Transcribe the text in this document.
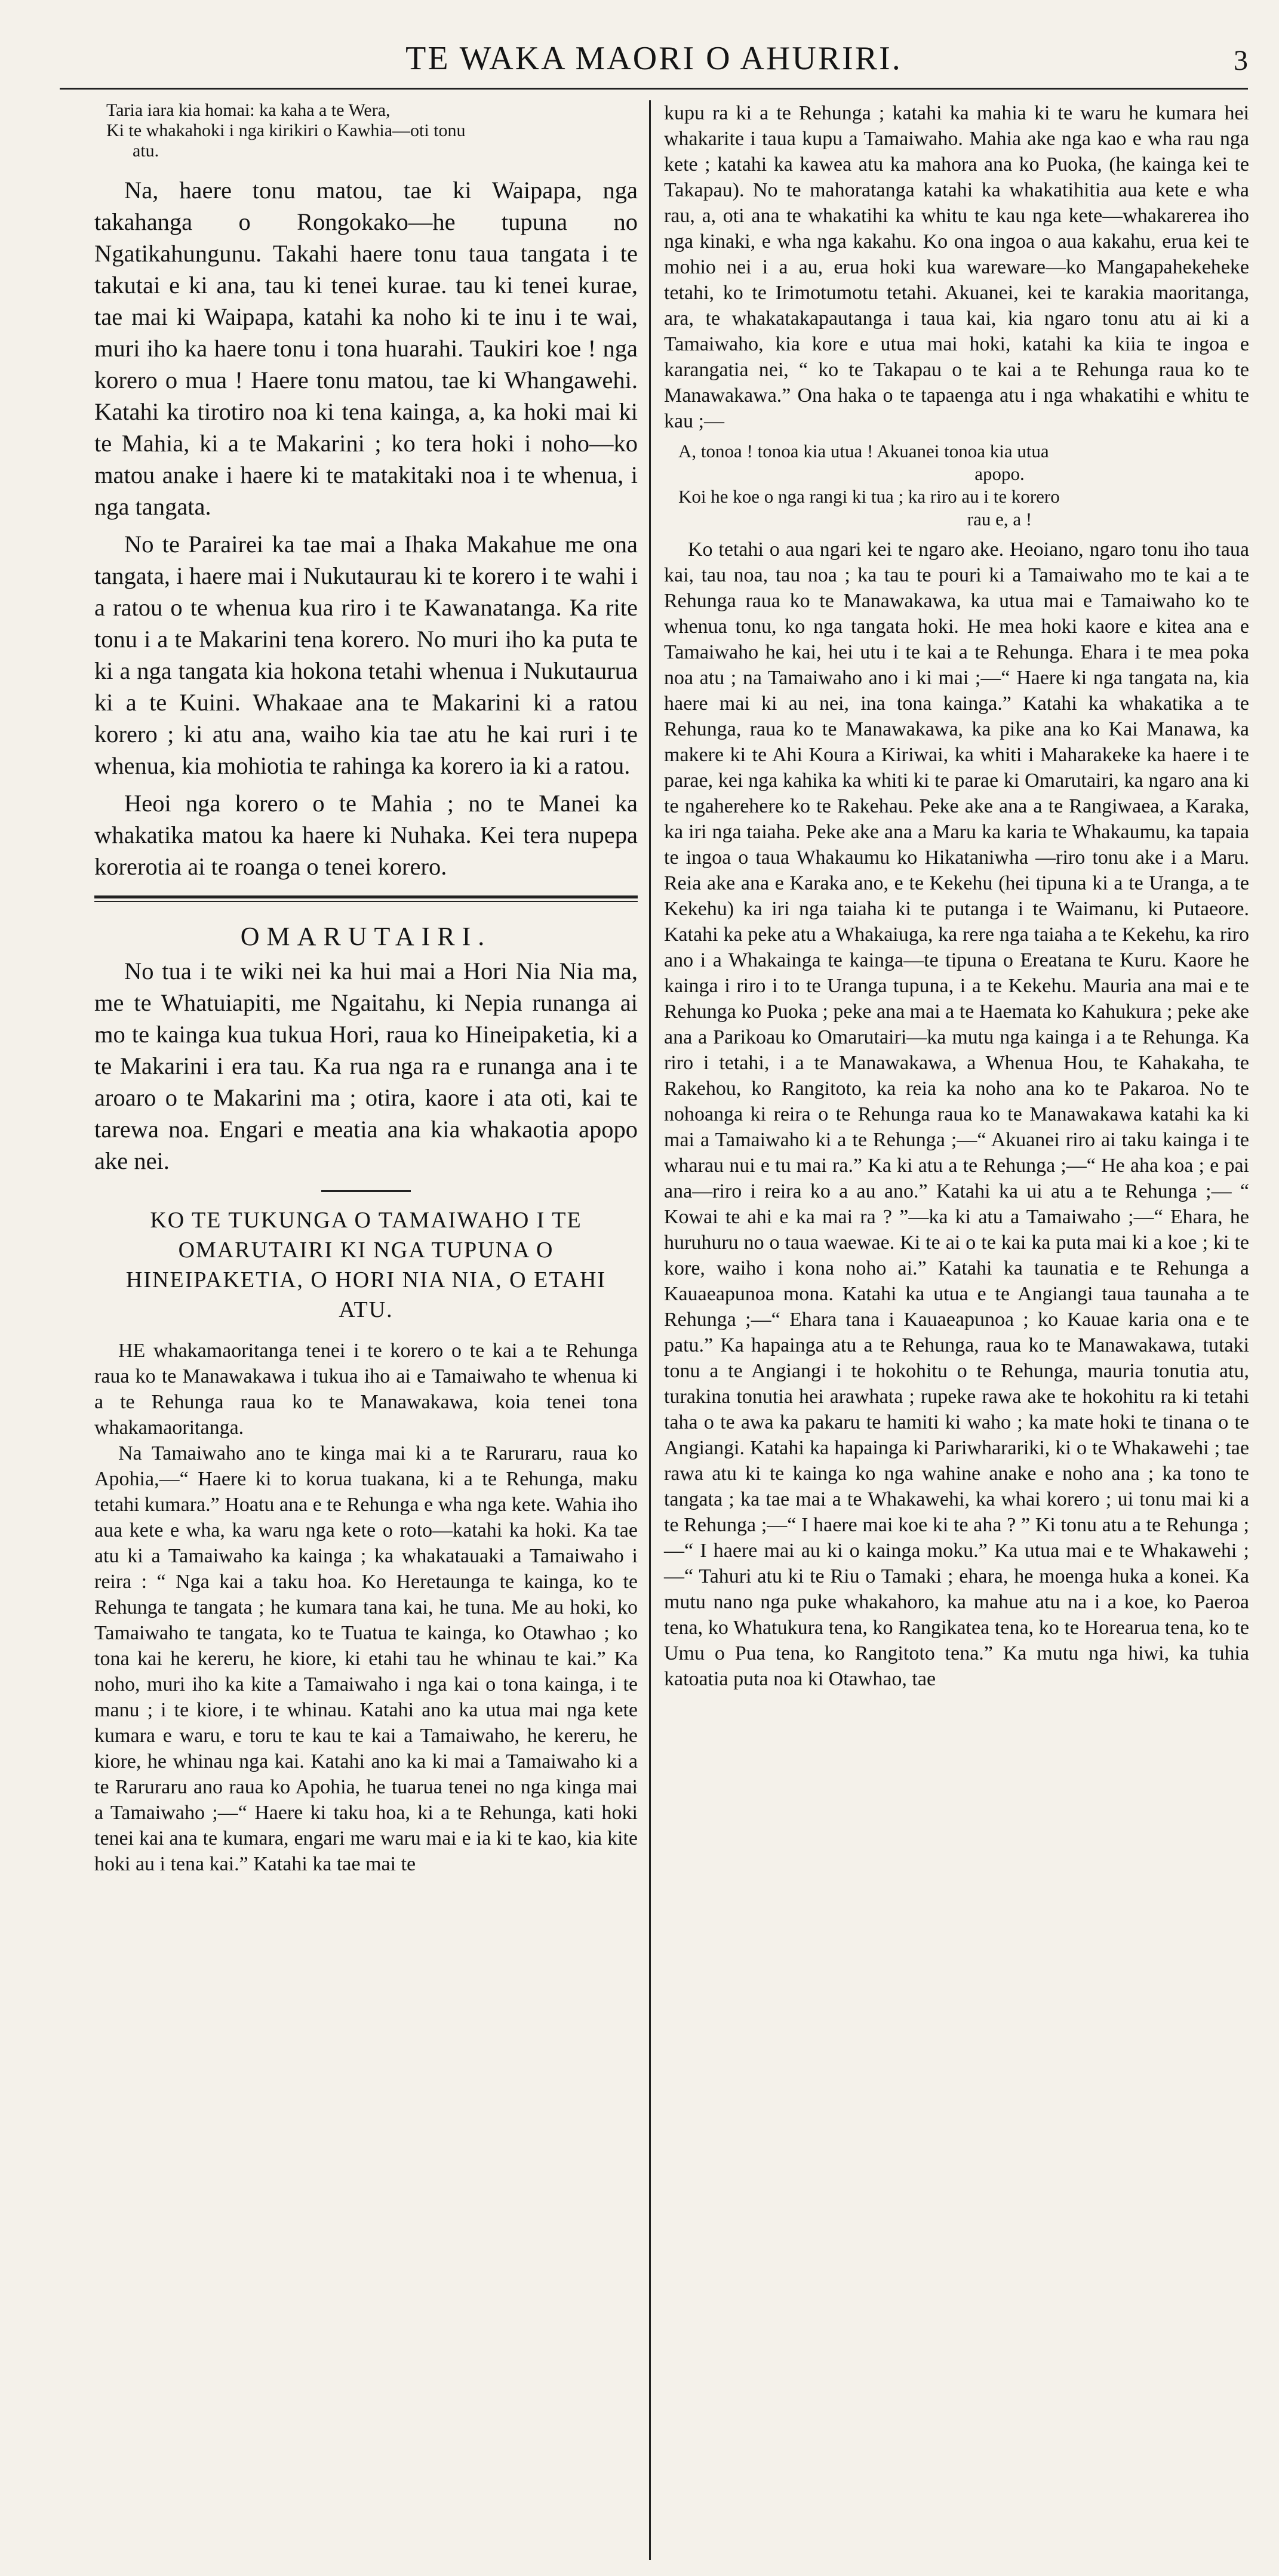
TE WAKA MAORI O AHURIRI.	3

Taria iara kia homai: ka kaha a te Wera,

Ki te whakahoki i nga kirikiri o Kawhia—oti tonu

atu.

Na, haere tonu matou, tae ki Waipapa, nga takahanga o Rongokako—he tupuna no Ngatikahungunu. Takahi haere tonu taua tangata i te takutai e ki ana, tau ki tenei kurae. tau ki tenei kurae, tae mai ki Waipapa, katahi ka noho ki te inu i te wai, muri iho ka haere tonu i tona huarahi. Taukiri koe ! nga korero o mua ! Haere tonu matou, tae ki Whangawehi. Katahi ka tirotiro noa ki tena kainga, a, ka hoki mai ki te Mahia, ki a te Makarini ; ko tera hoki i noho—ko matou anake i haere ki te matakitaki noa i te whenua, i nga tangata.

No te Parairei ka tae mai a Ihaka Makahue me ona tangata, i haere mai i Nukutaurau ki te korero i te wahi i a ratou o te whenua kua riro i te Kawanatanga. Ka rite tonu i a te Makarini tena korero. No muri iho ka puta te ki a nga tangata kia hokona tetahi whenua i Nukutaurua ki a te Kuini. Whakaae ana te Makarini ki a ratou korero ; ki atu ana, waiho kia tae atu he kai ruri i te whenua, kia mohiotia te rahinga ka korero ia ki a ratou.

Heoi nga korero o te Mahia ; no te Manei ka whakatika matou ka haere ki Nuhaka. Kei tera nupepa korerotia ai te roanga o tenei korero.

OMARUTAIRI.

No tua i te wiki nei ka hui mai a Hori Nia Nia ma, me te Whatuiapiti, me Ngaitahu, ki Nepia runanga ai mo te kainga kua tukua Hori, raua ko Hineipaketia, ki a te Makarini i era tau. Ka rua nga ra e runanga ana i te aroaro o te Makarini ma ; otira, kaore i ata oti, kai te tarewa noa. Engari e meatia ana kia whakaotia apopo ake nei.

KO TE TUKUNGA O TAMAIWAHO I TE OMARUTAIRI KI NGA TUPUNA O HINEIPAKETIA, O HORI NIA NIA, O ETAHI ATU.

HE whakamaoritanga tenei i te korero o te kai a te Rehunga raua ko te Manawakawa i tukua iho ai e Tamaiwaho te whenua ki a te Rehunga raua ko te Manawakawa, koia tenei tona whakamaoritanga.

Na Tamaiwaho ano te kinga mai ki a te Raruraru, raua ko Apohia,—“ Haere ki to korua tuakana, ki a te Rehunga, maku tetahi kumara.” Hoatu ana e te Rehunga e wha nga kete. Wahia iho aua kete e wha, ka waru nga kete o roto—katahi ka hoki. Ka tae atu ki a Tamaiwaho ka kainga ; ka whakatauaki a Tamaiwaho i reira : “ Nga kai a taku hoa. Ko Heretaunga te kainga, ko te Rehunga te tangata ; he kumara tana kai, he tuna. Me au hoki, ko Tamaiwaho te tangata, ko te Tuatua te kainga, ko Otawhao ; ko tona kai he kereru, he kiore, ki etahi tau he whinau te kai.” Ka noho, muri iho ka kite a Tamaiwaho i nga kai o tona kainga, i te manu ; i te kiore, i te whinau. Katahi ano ka utua mai nga kete kumara e waru, e toru te kau te kai a Tamaiwaho, he kereru, he kiore, he whinau nga kai. Katahi ano ka ki mai a Tamaiwaho ki a te Raruraru ano raua ko Apohia, he tuarua tenei no nga kinga mai a Tamaiwaho ;—“ Haere ki taku hoa, ki a te Rehunga, kati hoki tenei kai ana te kumara, engari me waru mai e ia ki te kao, kia kite hoki au i tena kai.” Katahi ka tae mai te

kupu ra ki a te Rehunga ; katahi ka mahia ki te waru he kumara hei whakarite i taua kupu a Tamaiwaho. Mahia ake nga kao e wha rau nga kete ; katahi ka kawea atu ka mahora ana ko Puoka, (he kainga kei te Takapau). No te mahoratanga katahi ka whakatihitia aua kete e wha rau, a, oti ana te whakatihi ka whitu te kau nga kete—whakarerea iho nga kinaki, e wha nga kakahu. Ko ona ingoa o aua kakahu, erua kei te mohio nei i a au, erua hoki kua wareware—ko Mangapahekeheke tetahi, ko te Irimotumotu tetahi. Akuanei, kei te karakia maoritanga, ara, te whakatakapautanga i taua kai, kia ngaro tonu atu ai ki a Tamaiwaho, kia kore e utua mai hoki, katahi ka kiia te ingoa e karangatia nei, “ ko te Takapau o te kai a te Rehunga raua ko te Manawakawa.” Ona haka o te tapaenga atu i nga whakatihi e whitu te kau ;—

A, tonoa ! tonoa kia utua ! Akuanei tonoa kia utua

apopo.

Koi he koe o nga rangi ki tua ; ka riro au i te korero

rau e, a !

Ko tetahi o aua ngari kei te ngaro ake. Heoiano, ngaro tonu iho taua kai, tau noa, tau noa ; ka tau te pouri ki a Tamaiwaho mo te kai a te Rehunga raua ko te Manawakawa, ka utua mai e Tamaiwaho ko te whenua tonu, ko nga tangata hoki. He mea hoki kaore e kitea ana e Tamaiwaho he kai, hei utu i te kai a te Rehunga. Ehara i te mea poka noa atu ; na Tamaiwaho ano i ki mai ;—“ Haere ki nga tangata na, kia haere mai ki au nei, ina tona kainga.” Katahi ka whakatika a te Rehunga, raua ko te Manawakawa, ka pike ana ko Kai Manawa, ka makere ki te Ahi Koura a Kiriwai, ka whiti i Maharakeke ka haere i te parae, kei nga kahika ka whiti ki te parae ki Omarutairi, ka ngaro ana ki te ngaherehere ko te Rakehau. Peke ake ana a te Rangiwaea, a Karaka, ka iri nga taiaha. Peke ake ana a Maru ka karia te Whakaumu, ka tapaia te ingoa o taua Whakaumu ko Hikataniwha —riro tonu ake i a Maru. Reia ake ana e Karaka ano, e te Kekehu (hei tipuna ki a te Uranga, a te Kekehu) ka iri nga taiaha ki te putanga i te Waimanu, ki Putaeore. Katahi ka peke atu a Whakaiuga, ka rere nga taiaha a te Kekehu, ka riro ano i a Whakainga te kainga—te tipuna o Ereatana te Kuru. Kaore he kainga i riro i to te Uranga tupuna, i a te Kekehu. Mauria ana mai e te Rehunga ko Puoka ; peke ana mai a te Haemata ko Kahukura ; peke ake ana a Parikoau ko Omarutairi—ka mutu nga kainga i a te Rehunga. Ka riro i tetahi, i a te Manawakawa, a Whenua Hou, te Kahakaha, te Rakehou, ko Rangitoto, ka reia ka noho ana ko te Pakaroa. No te nohoanga ki reira o te Rehunga raua ko te Manawakawa katahi ka ki mai a Tamaiwaho ki a te Rehunga ;—“ Akuanei riro ai taku kainga i te wharau nui e tu mai ra.” Ka ki atu a te Rehunga ;—“ He aha koa ; e pai ana—riro i reira ko a au ano.” Katahi ka ui atu a te Rehunga ;— “ Kowai te ahi e ka mai ra ? ”—ka ki atu a Tamaiwaho ;—“ Ehara, he huruhuru no o taua waewae. Ki te ai o te kai ka puta mai ki a koe ; ki te kore, waiho i kona noho ai.” Katahi ka taunatia e te Rehunga a Kauaeapunoa mona. Katahi ka utua e te Angiangi taua taunaha a te Rehunga ;—“ Ehara tana i Kauaeapunoa ; ko Kauae karia ona e te patu.” Ka hapainga atu a te Rehunga, raua ko te Manawakawa, tutaki tonu a te Angiangi i te hokohitu o te Rehunga, mauria tonutia atu, turakina tonutia hei arawhata ; rupeke rawa ake te hokohitu ra ki tetahi taha o te awa ka pakaru te hamiti ki waho ; ka mate hoki te tinana o te Angiangi. Katahi ka hapainga ki Pariwharariki, ki o te Whakawehi ; tae rawa atu ki te kainga ko nga wahine anake e noho ana ; ka tono te tangata ; ka tae mai a te Whakawehi, ka whai korero ; ui tonu mai ki a te Rehunga ;—“ I haere mai koe ki te aha ? ” Ki tonu atu a te Rehunga ;—“ I haere mai au ki o kainga moku.” Ka utua mai e te Whakawehi ;—“ Tahuri atu ki te Riu o Tamaki ; ehara, he moenga huka a konei. Ka mutu nano nga puke whakahoro, ka mahue atu na i a koe, ko Paeroa tena, ko Whatukura tena, ko Rangikatea tena, ko te Horearua tena, ko te Umu o Pua tena, ko Rangitoto tena.” Ka mutu nga hiwi, ka tuhia katoatia puta noa ki Otawhao, tae
